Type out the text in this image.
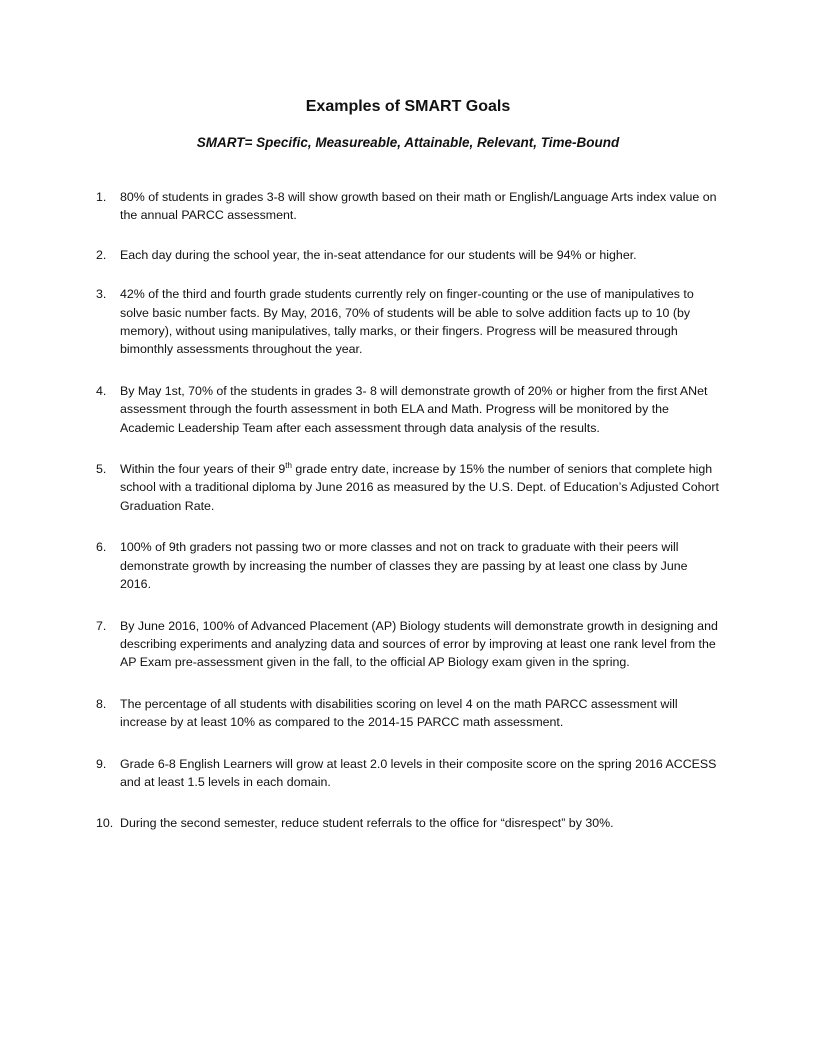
Examples of SMART Goals
SMART= Specific, Measureable, Attainable, Relevant, Time-Bound
1.	80% of students in grades 3-8 will show growth based on their math or English/Language Arts index value on the annual PARCC assessment.
2.	Each day during the school year, the in-seat attendance for our students will be 94% or higher.
3.	42% of the third and fourth grade students currently rely on finger-counting or the use of manipulatives to solve basic number facts. By May, 2016, 70% of students will be able to solve addition facts up to 10 (by memory), without using manipulatives, tally marks, or their fingers. Progress will be measured through bimonthly assessments throughout the year.
4.	By May 1st, 70% of the students in grades 3- 8 will demonstrate growth of 20% or higher from the first ANet assessment through the fourth assessment in both ELA and Math. Progress will be monitored by the Academic Leadership Team after each assessment through data analysis of the results.
5.	Within the four years of their 9th grade entry date, increase by 15% the number of seniors that complete high school with a traditional diploma by June 2016 as measured by the U.S. Dept. of Education’s Adjusted Cohort Graduation Rate.
6.	100% of 9th graders not passing two or more classes and not on track to graduate with their peers will demonstrate growth by increasing the number of classes they are passing by at least one class by June 2016.
7.	By June 2016, 100% of Advanced Placement (AP) Biology students will demonstrate growth in designing and describing experiments and analyzing data and sources of error by improving at least one rank level from the AP Exam pre-assessment given in the fall, to the official AP Biology exam given in the spring.
8.	The percentage of all students with disabilities scoring on level 4 on the math PARCC assessment will increase by at least 10% as compared to the 2014-15 PARCC math assessment.
9.	Grade 6-8 English Learners will grow at least 2.0 levels in their composite score on the spring 2016 ACCESS and at least 1.5 levels in each domain.
10. During the second semester, reduce student referrals to the office for “disrespect” by 30%.
